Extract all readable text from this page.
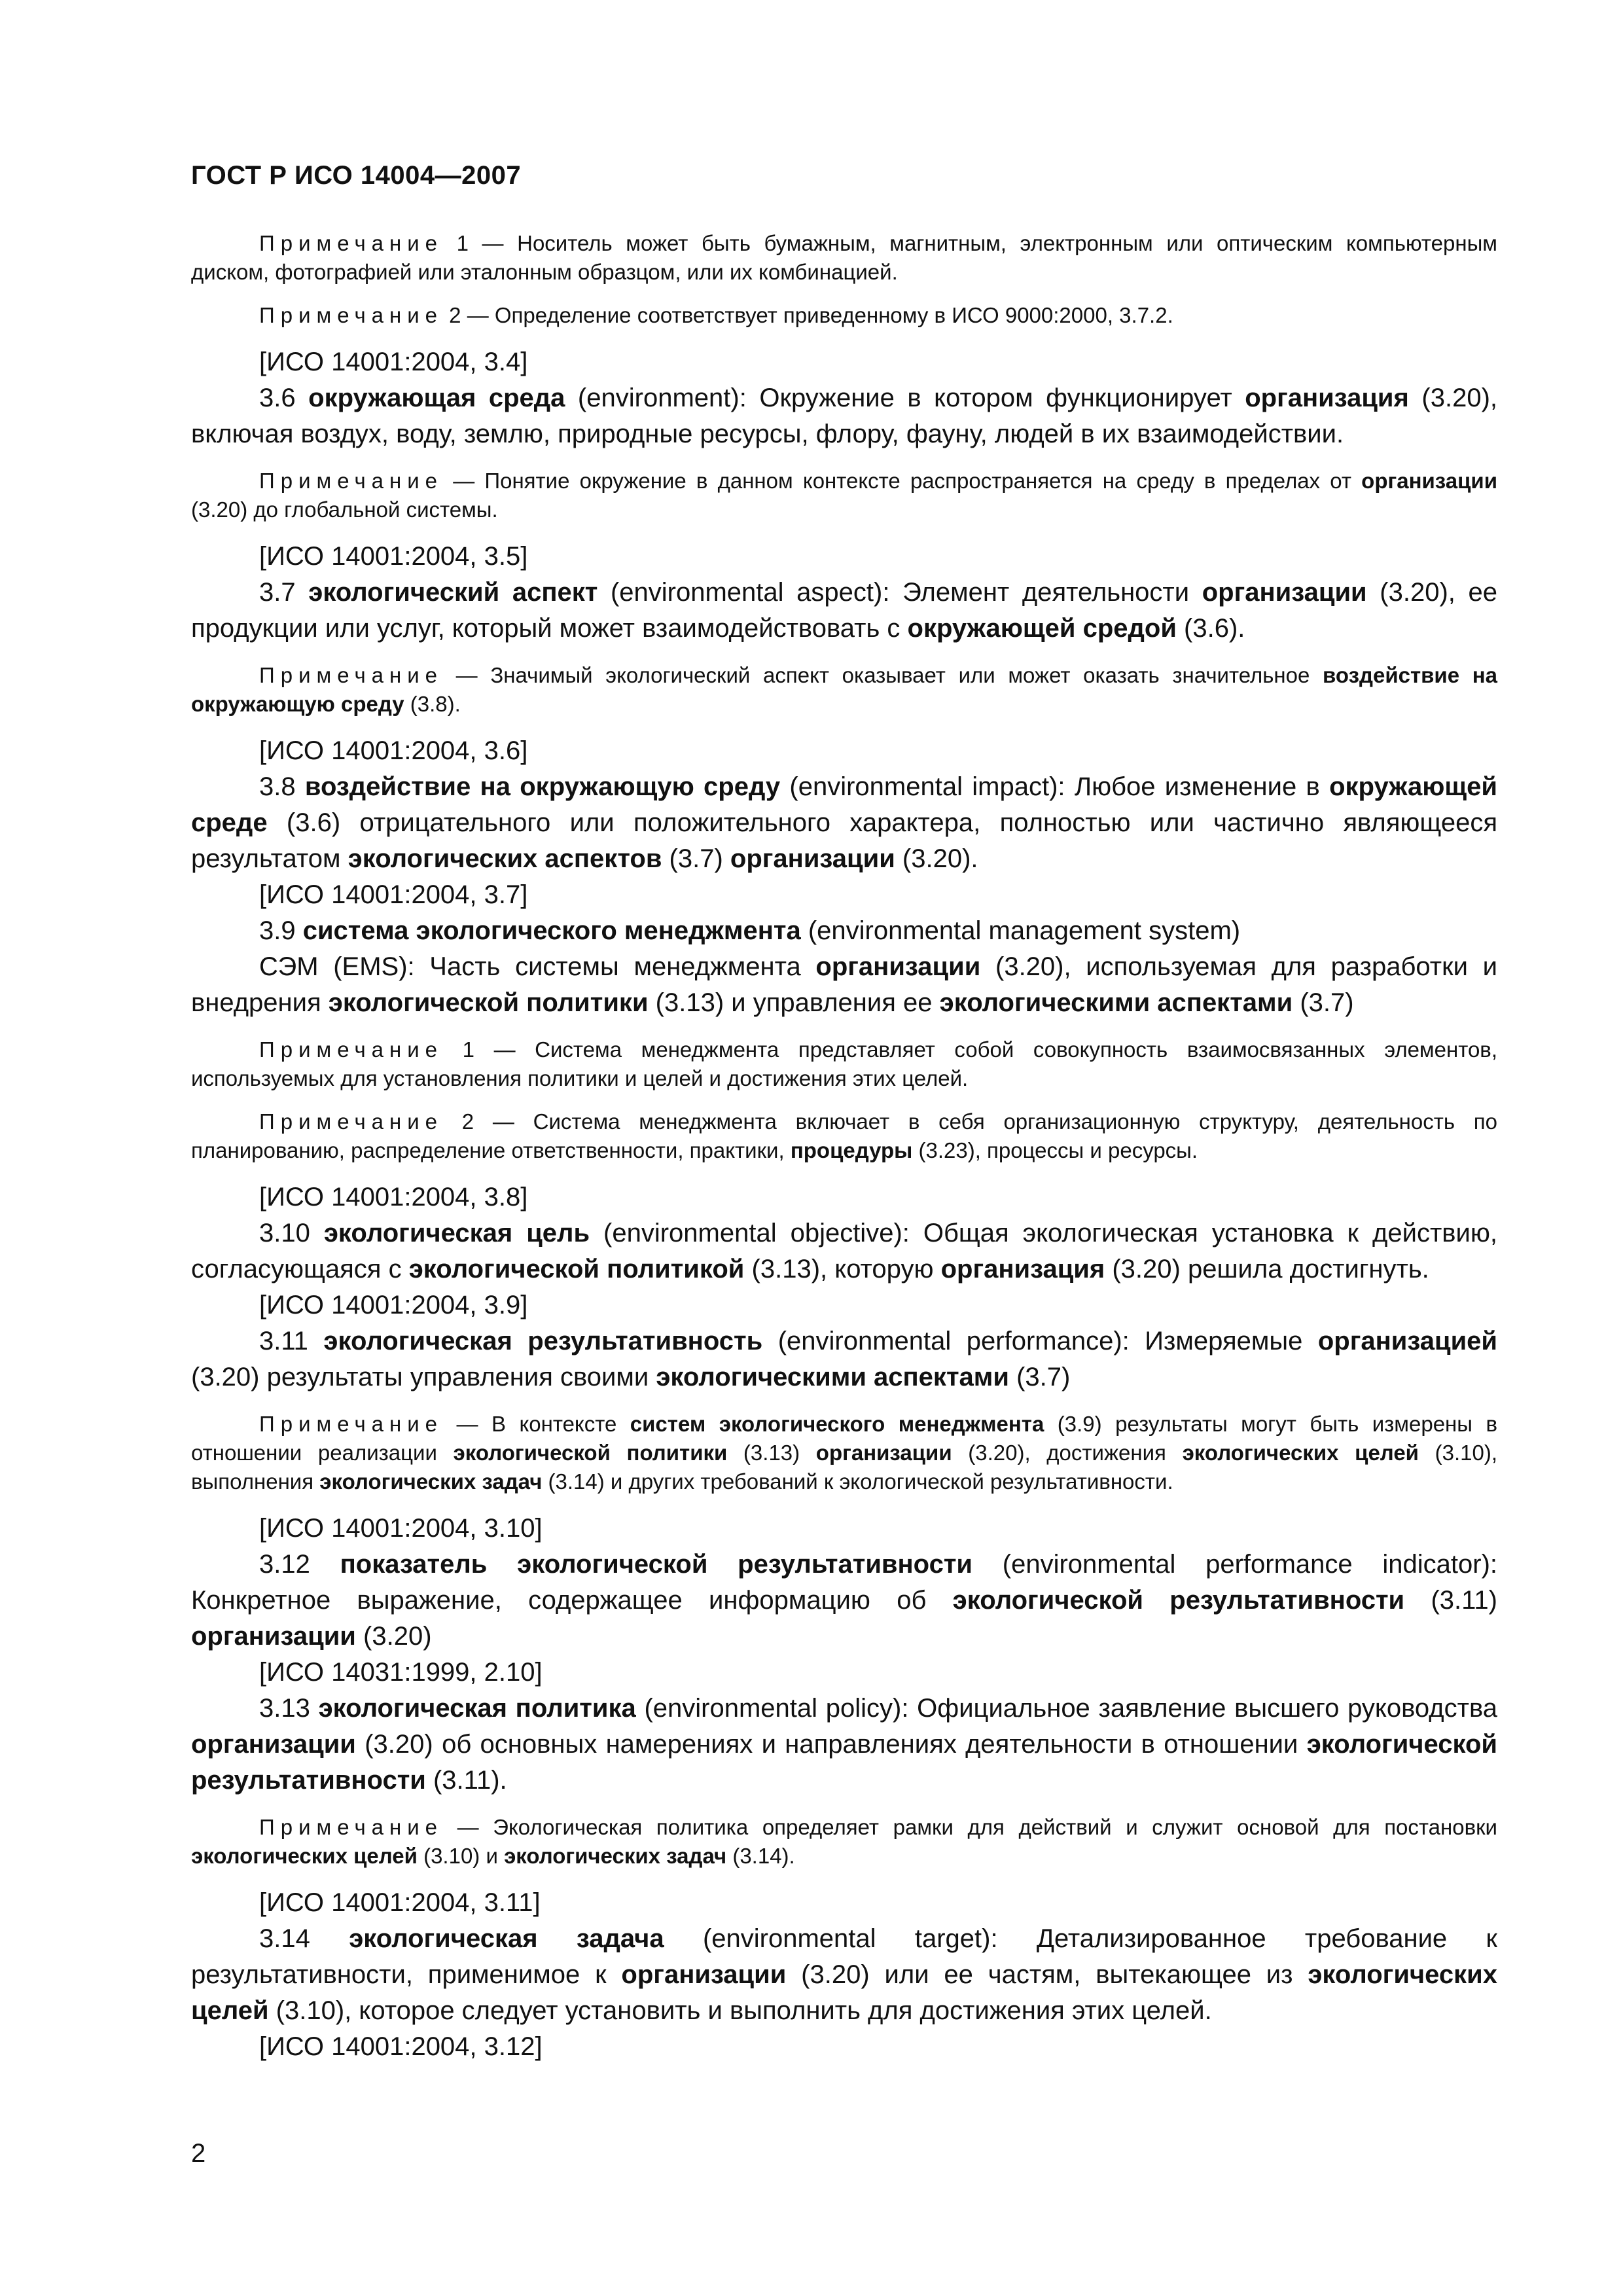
ГОСТ Р ИСО 14004—2007

Примечание 1 — Носитель может быть бумажным, магнитным, электронным или оптическим компьютерным диском, фотографией или эталонным образцом, или их комбинацией.

Примечание 2 — Определение соответствует приведенному в ИСО 9000:2000, 3.7.2.

[ИСО 14001:2004, 3.4]

3.6 окружающая среда (environment): Окружение в котором функционирует организация (3.20), включая воздух, воду, землю, природные ресурсы, флору, фауну, людей в их взаимодействии.

Примечание — Понятие окружение в данном контексте распространяется на среду в пределах от организации (3.20) до глобальной системы.

[ИСО 14001:2004, 3.5]

3.7 экологический аспект (environmental aspect): Элемент деятельности организации (3.20), ее продукции или услуг, который может взаимодействовать с окружающей средой (3.6).

Примечание — Значимый экологический аспект оказывает или может оказать значительное воздействие на окружающую среду (3.8).

[ИСО 14001:2004, 3.6]

3.8 воздействие на окружающую среду (environmental impact): Любое изменение в окружающей среде (3.6) отрицательного или положительного характера, полностью или частично являющееся результатом экологических аспектов (3.7) организации (3.20).

[ИСО 14001:2004, 3.7]

3.9 система экологического менеджмента (environmental management system)

СЭМ (EMS): Часть системы менеджмента организации (3.20), используемая для разработки и внедрения экологической политики (3.13) и управления ее экологическими аспектами (3.7)

Примечание 1 — Система менеджмента представляет собой совокупность взаимосвязанных элементов, используемых для установления политики и целей и достижения этих целей.

Примечание 2 — Система менеджмента включает в себя организационную структуру, деятельность по планированию, распределение ответственности, практики, процедуры (3.23), процессы и ресурсы.

[ИСО 14001:2004, 3.8]

3.10 экологическая цель (environmental objective): Общая экологическая установка к действию, согласующаяся с экологической политикой (3.13), которую организация (3.20) решила достигнуть.

[ИСО 14001:2004, 3.9]

3.11 экологическая результативность (environmental performance): Измеряемые организацией (3.20) результаты управления своими экологическими аспектами (3.7)

Примечание — В контексте систем экологического менеджмента (3.9) результаты могут быть измерены в отношении реализации экологической политики (3.13) организации (3.20), достижения экологических целей (3.10), выполнения экологических задач (3.14) и других требований к экологической результативности.

[ИСО 14001:2004, 3.10]

3.12 показатель экологической результативности (environmental performance indicator): Конкретное выражение, содержащее информацию об экологической результативности (3.11) организации (3.20)

[ИСО 14031:1999, 2.10]

3.13 экологическая политика (environmental policy): Официальное заявление высшего руководства организации (3.20) об основных намерениях и направлениях деятельности в отношении экологической результативности (3.11).

Примечание — Экологическая политика определяет рамки для действий и служит основой для постановки экологических целей (3.10) и экологических задач (3.14).

[ИСО 14001:2004, 3.11]

3.14 экологическая задача (environmental target): Детализированное требование к результативности, применимое к организации (3.20) или ее частям, вытекающее из экологических целей (3.10), которое следует установить и выполнить для достижения этих целей.

[ИСО 14001:2004, 3.12]

2
